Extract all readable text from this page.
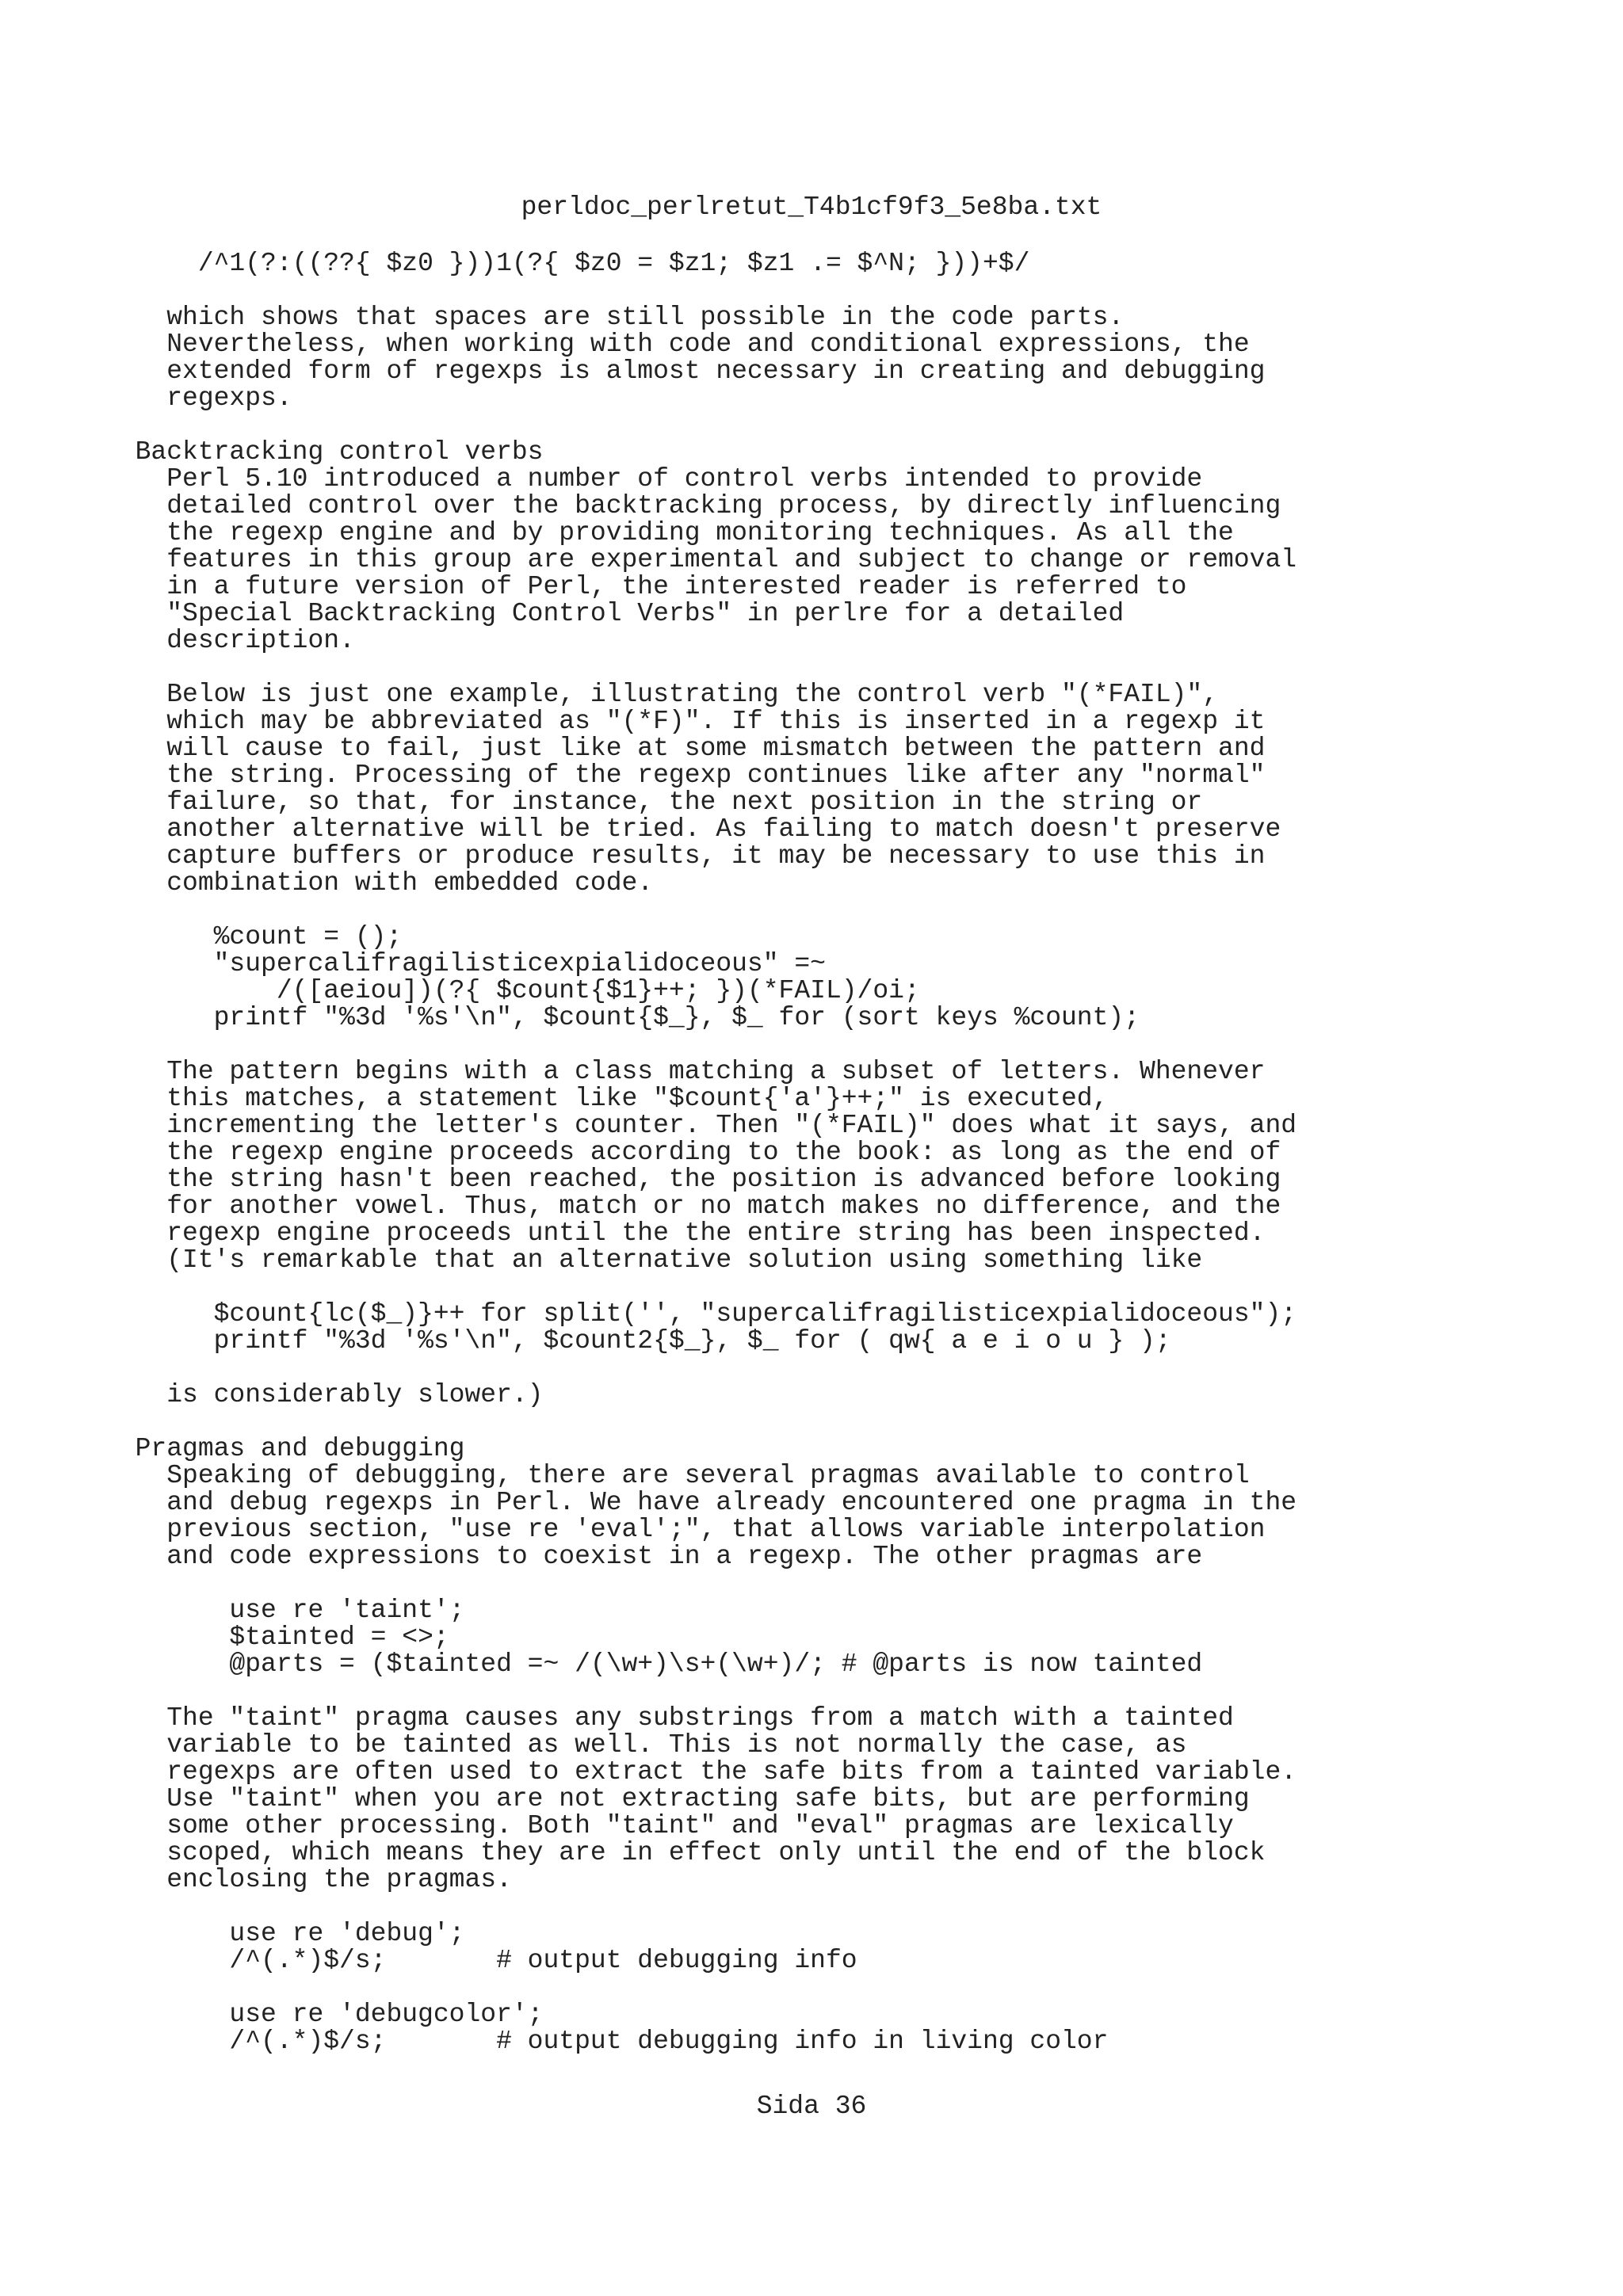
perldoc_perlretut_T4b1cf9f3_5e8ba.txt
/^1(?:((??{ $z0 }))1(?{ $z0 = $z1; $z1 .= $^N; }))+$/
which shows that spaces are still possible in the code parts.
Nevertheless, when working with code and conditional expressions, the
extended form of regexps is almost necessary in creating and debugging
regexps.
Backtracking control verbs
Perl 5.10 introduced a number of control verbs intended to provide
detailed control over the backtracking process, by directly influencing
the regexp engine and by providing monitoring techniques. As all the
features in this group are experimental and subject to change or removal
in a future version of Perl, the interested reader is referred to
"Special Backtracking Control Verbs" in perlre for a detailed
description.
Below is just one example, illustrating the control verb "(*FAIL)",
which may be abbreviated as "(*F)". If this is inserted in a regexp it
will cause to fail, just like at some mismatch between the pattern and
the string. Processing of the regexp continues like after any "normal"
failure, so that, for instance, the next position in the string or
another alternative will be tried. As failing to match doesn't preserve
capture buffers or produce results, it may be necessary to use this in
combination with embedded code.
%count = ();
"supercalifragilisticexpialidoceous" =~
/([aeiou])(?{ $count{$1}++; })(*FAIL)/oi;
printf "%3d '%s'\n", $count{$_}, $_ for (sort keys %count);
The pattern begins with a class matching a subset of letters. Whenever
this matches, a statement like "$count{'a'}++;" is executed,
incrementing the letter's counter. Then "(*FAIL)" does what it says, and
the regexp engine proceeds according to the book: as long as the end of
the string hasn't been reached, the position is advanced before looking
for another vowel. Thus, match or no match makes no difference, and the
regexp engine proceeds until the the entire string has been inspected.
(It's remarkable that an alternative solution using something like
$count{lc($_)}++ for split('', "supercalifragilisticexpialidoceous");
printf "%3d '%s'\n", $count2{$_}, $_ for ( qw{ a e i o u } );
is considerably slower.)
Pragmas and debugging
Speaking of debugging, there are several pragmas available to control
and debug regexps in Perl. We have already encountered one pragma in the
previous section, "use re 'eval';", that allows variable interpolation
and code expressions to coexist in a regexp. The other pragmas are
use re 'taint';
$tainted = <>;
@parts = ($tainted =~ /(\w+)\s+(\w+)/; # @parts is now tainted
The "taint" pragma causes any substrings from a match with a tainted
variable to be tainted as well. This is not normally the case, as
regexps are often used to extract the safe bits from a tainted variable.
Use "taint" when you are not extracting safe bits, but are performing
some other processing. Both "taint" and "eval" pragmas are lexically
scoped, which means they are in effect only until the end of the block
enclosing the pragmas.
use re 'debug';
/^(.*)$/s;       # output debugging info
use re 'debugcolor';
/^(.*)$/s;       # output debugging info in living color
Sida 36
